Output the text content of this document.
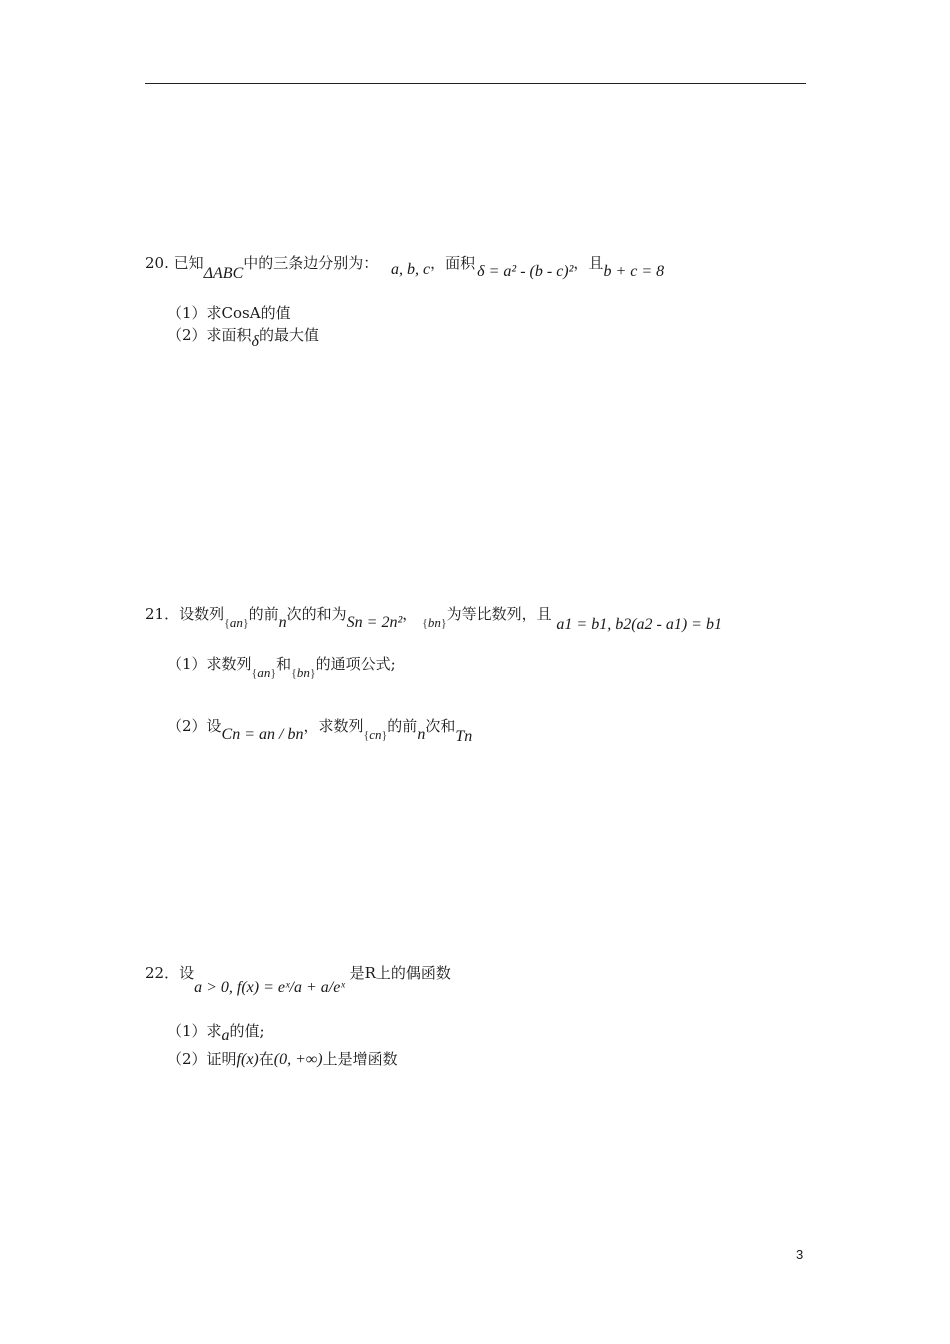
20. 已知ΔABC中的三条边分别为： a, b, c，面积 δ = a² - (b - c)²，且b + c = 8
（1）求CosA的值
（2）求面积δ的最大值
21．设数列{an}的前n次的和为Sn = 2n²， {bn}为等比数列，且 a1 = b1, b2(a2 - a1) = b1
（1）求数列{an}和{bn}的通项公式;
（2）设Cn = an / bn，求数列{cn}的前n次和Tn
22．设a > 0, f(x) = eˣ/a + a/eˣ 是R上的偶函数
（1）求a的值;
（2）证明f(x)在(0, +∞)上是增函数
3
